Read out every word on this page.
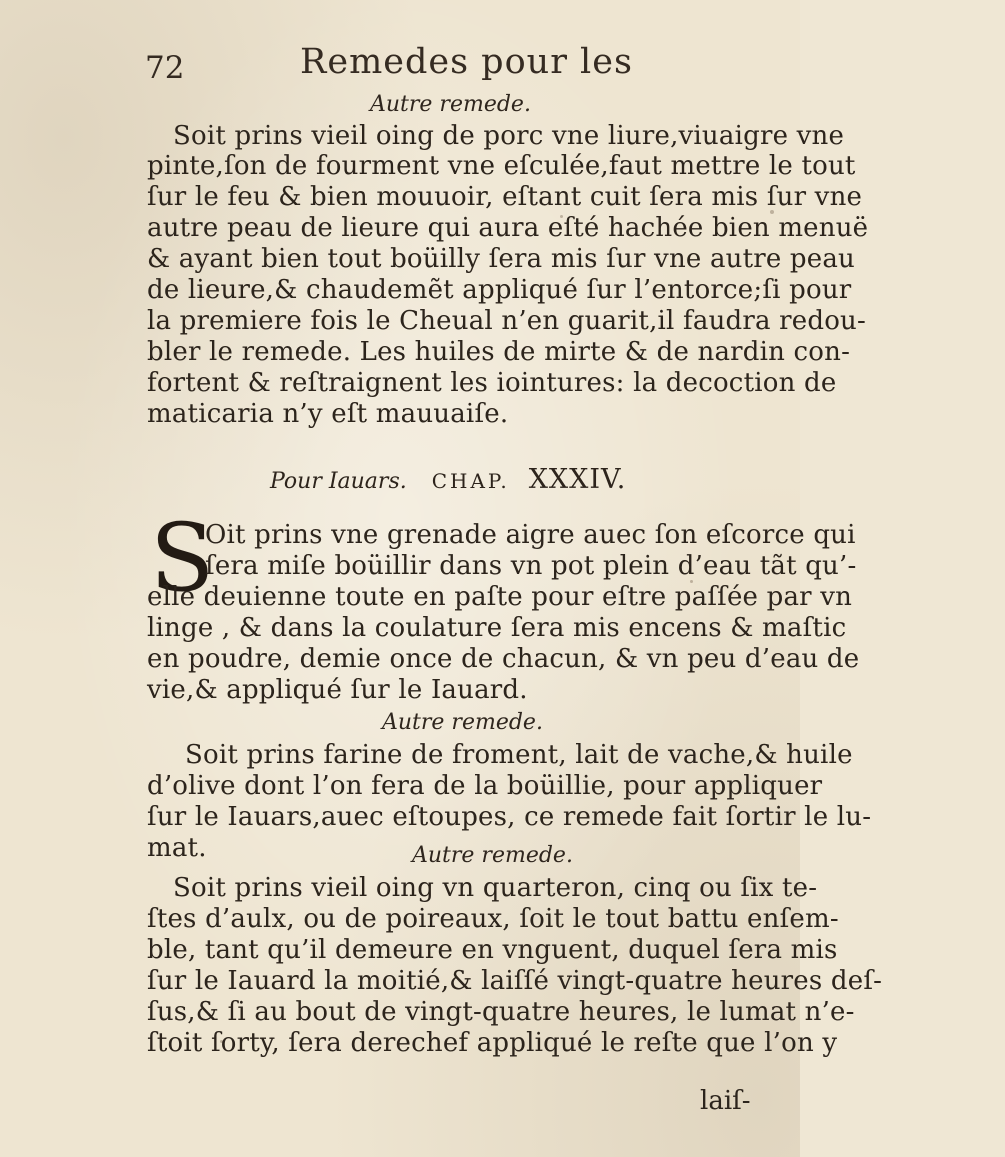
72	Remedes pour les
Autre remede.
Soit prins vieil oing de porc vne liure,viuaigre vne
pinte,ſon de fourment vne eſculée,faut mettre le tout
ſur le feu & bien mouuoir, eſtant cuit ſera mis ſur vne
autre peau de lieure qui aura eſté hachée bien menuë
& ayant bien tout boüilly ſera mis ſur vne autre peau
de lieure,& chaudemẽt appliqué ſur l’entorce;ſi pour
la premiere fois le Cheual n’en guarit,il faudra redou-
bler le remede. Les huiles de mirte & de nardin con-
fortent & reſtraignent les iointures: la decoction de
maticaria n’y eſt mauuaiſe.
Pour Iauars. CHAP. XXXIV.
S
Oit prins vne grenade aigre auec ſon eſcorce qui
ſera miſe boüillir dans vn pot plein d’eau tãt qu’-
elle deuienne toute en paſte pour eſtre paſſée par vn
linge , & dans la coulature ſera mis encens & maſtic
en poudre, demie once de chacun, & vn peu d’eau de
vie,& appliqué ſur le Iauard.
Autre remede.
Soit prins farine de froment, lait de vache,& huile
d’olive dont l’on fera de la boüillie, pour appliquer
ſur le Iauars,auec eſtoupes, ce remede fait ſortir le lu-
mat.	Autre remede.
Soit prins vieil oing vn quarteron, cinq ou ſix te-
ſtes d’aulx, ou de poireaux, ſoit le tout battu enſem-
ble, tant qu’il demeure en vnguent, duquel ſera mis
ſur le Iauard la moitié,& laiſſé vingt-quatre heures deſ-
ſus,& ſi au bout de vingt-quatre heures, le lumat n’e-
ſtoit ſorty, ſera derechef appliqué le reſte que l’on y
laiſ-
